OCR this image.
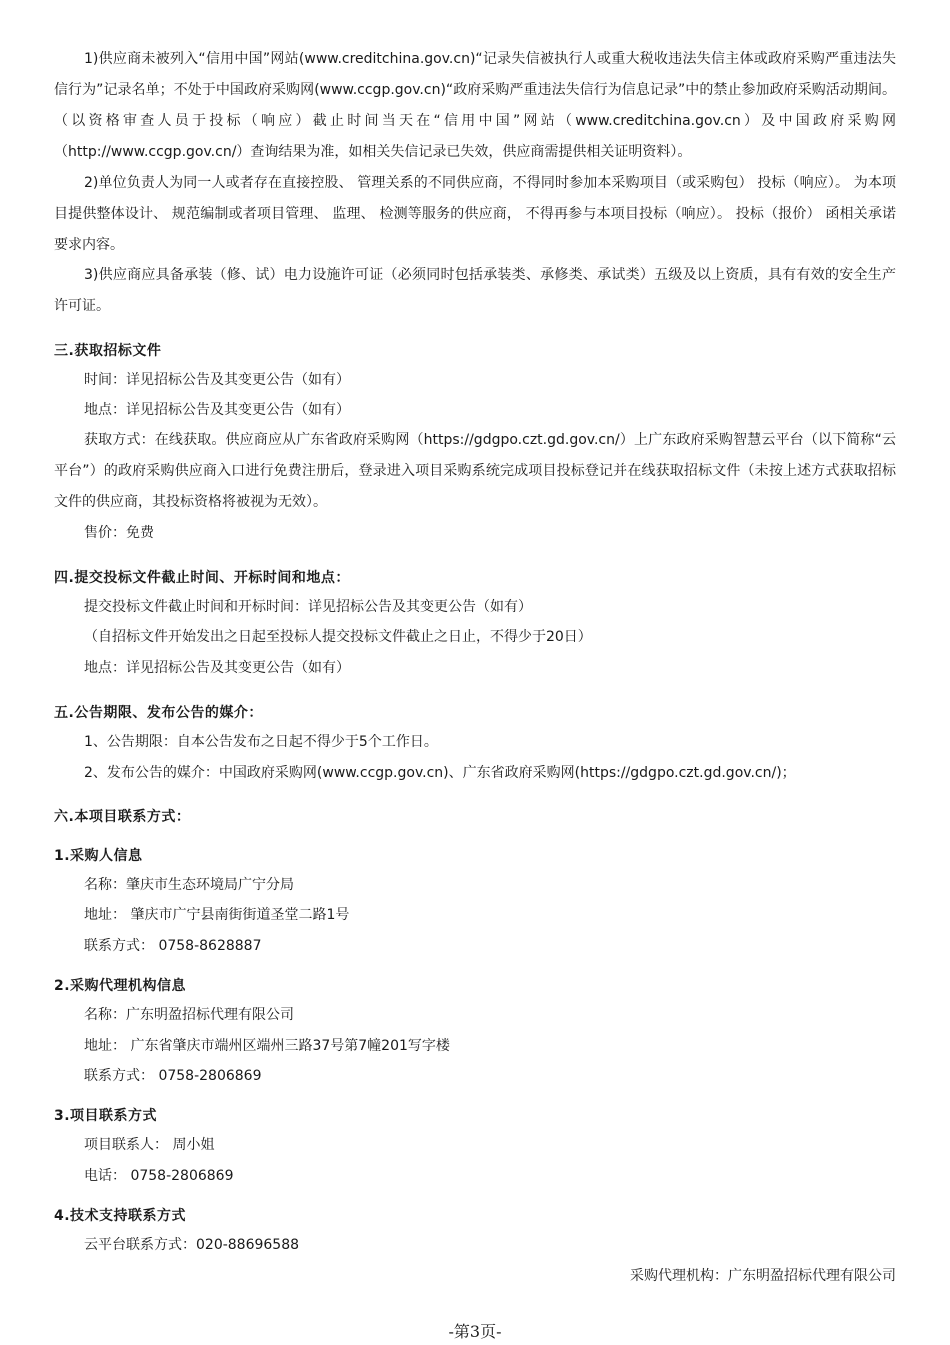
1)供应商未被列入“信用中国”网站(www.creditchina.gov.cn)“记录失信被执行人或重大税收违法失信主体或政府采购严重违法失信行为”记录名单；不处于中国政府采购网(www.ccgp.gov.cn)“政府采购严重违法失信行为信息记录”中的禁止参加政府采购活动期间。（以资格审查人员于投标（响应）截止时间当天在“信用中国”网站（www.creditchina.gov.cn）及中国政府采购网（http://www.ccgp.gov.cn/）查询结果为准，如相关失信记录已失效，供应商需提供相关证明资料）。

2)单位负责人为同一人或者存在直接控股、 管理关系的不同供应商，不得同时参加本采购项目（或采购包） 投标（响应）。 为本项目提供整体设计、 规范编制或者项目管理、 监理、 检测等服务的供应商， 不得再参与本项目投标（响应）。 投标（报价） 函相关承诺要求内容。

3)供应商应具备承装（修、试）电力设施许可证（必须同时包括承装类、承修类、承试类）五级及以上资质，具有有效的安全生产许可证。

三.获取招标文件

时间：详见招标公告及其变更公告（如有）

地点：详见招标公告及其变更公告（如有）

获取方式：在线获取。供应商应从广东省政府采购网（https://gdgpo.czt.gd.gov.cn/）上广东政府采购智慧云平台（以下简称“云平台”）的政府采购供应商入口进行免费注册后，登录进入项目采购系统完成项目投标登记并在线获取招标文件（未按上述方式获取招标文件的供应商，其投标资格将被视为无效）。

售价：免费

四.提交投标文件截止时间、开标时间和地点：

提交投标文件截止时间和开标时间：详见招标公告及其变更公告（如有）

（自招标文件开始发出之日起至投标人提交投标文件截止之日止，不得少于20日）

地点：详见招标公告及其变更公告（如有）

五.公告期限、发布公告的媒介：

1、公告期限：自本公告发布之日起不得少于5个工作日。

2、发布公告的媒介：中国政府采购网(www.ccgp.gov.cn)、广东省政府采购网(https://gdgpo.czt.gd.gov.cn/)；

六.本项目联系方式：

1.采购人信息

名称：肇庆市生态环境局广宁分局

地址： 肇庆市广宁县南街街道圣堂二路1号

联系方式： 0758-8628887

2.采购代理机构信息

名称：广东明盈招标代理有限公司

地址： 广东省肇庆市端州区端州三路37号第7幢201写字楼

联系方式： 0758-2806869

3.项目联系方式

项目联系人： 周小姐

电话： 0758-2806869

4.技术支持联系方式

云平台联系方式：020-88696588

采购代理机构：广东明盈招标代理有限公司
-第3页-
